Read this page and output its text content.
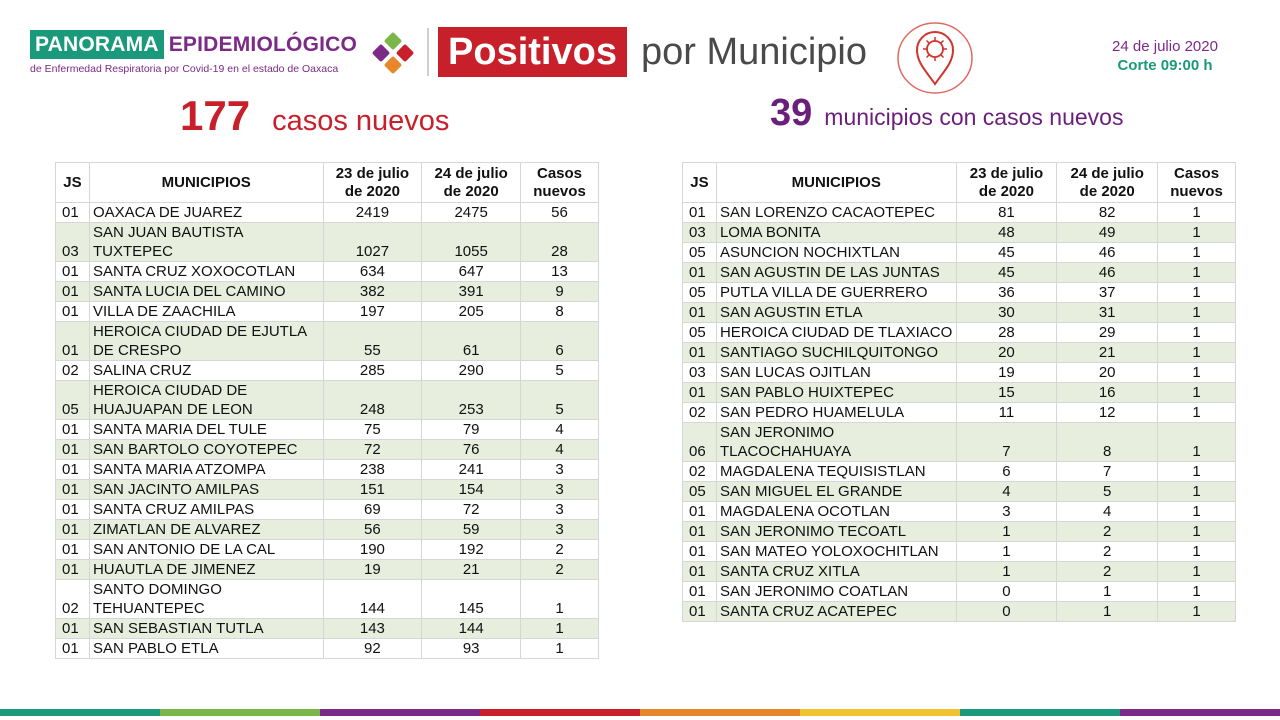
PANORAMA EPIDEMIOLÓGICO
de Enfermedad Respiratoria por Covid-19 en el estado de Oaxaca	Positivos por Municipio	24 de julio 2020
Corte 09:00 h
177 casos nuevos	39 municipios con casos nuevos
JS	MUNICIPIOS	23 de julio de 2020	24 de julio de 2020	Casos nuevos
01	OAXACA DE JUAREZ	2419	2475	56
03	SAN JUAN BAUTISTA TUXTEPEC	1027	1055	28
01	SANTA CRUZ XOXOCOTLAN	634	647	13
01	SANTA LUCIA DEL CAMINO	382	391	9
01	VILLA DE ZAACHILA	197	205	8
01	HEROICA CIUDAD DE EJUTLA DE CRESPO	55	61	6
02	SALINA CRUZ	285	290	5
05	HEROICA CIUDAD DE HUAJUAPAN DE LEON	248	253	5
01	SANTA MARIA DEL TULE	75	79	4
01	SAN BARTOLO COYOTEPEC	72	76	4
01	SANTA MARIA ATZOMPA	238	241	3
01	SAN JACINTO AMILPAS	151	154	3
01	SANTA CRUZ AMILPAS	69	72	3
01	ZIMATLAN DE ALVAREZ	56	59	3
01	SAN ANTONIO DE LA CAL	190	192	2
01	HUAUTLA DE JIMENEZ	19	21	2
02	SANTO DOMINGO TEHUANTEPEC	144	145	1
01	SAN SEBASTIAN TUTLA	143	144	1
01	SAN PABLO ETLA	92	93	1
JS	MUNICIPIOS	23 de julio de 2020	24 de julio de 2020	Casos nuevos
01	SAN LORENZO CACAOTEPEC	81	82	1
03	LOMA BONITA	48	49	1
05	ASUNCION NOCHIXTLAN	45	46	1
01	SAN AGUSTIN DE LAS JUNTAS	45	46	1
05	PUTLA VILLA DE GUERRERO	36	37	1
01	SAN AGUSTIN ETLA	30	31	1
05	HEROICA CIUDAD DE TLAXIACO	28	29	1
01	SANTIAGO SUCHILQUITONGO	20	21	1
03	SAN LUCAS OJITLAN	19	20	1
01	SAN PABLO HUIXTEPEC	15	16	1
02	SAN PEDRO HUAMELULA	11	12	1
06	SAN JERONIMO TLACOCHAHUAYA	7	8	1
02	MAGDALENA TEQUISISTLAN	6	7	1
05	SAN MIGUEL EL GRANDE	4	5	1
01	MAGDALENA OCOTLAN	3	4	1
01	SAN JERONIMO TECOATL	1	2	1
01	SAN MATEO YOLOXOCHITLAN	1	2	1
01	SANTA CRUZ XITLA	1	2	1
01	SAN JERONIMO COATLAN	0	1	1
01	SANTA CRUZ ACATEPEC	0	1	1
